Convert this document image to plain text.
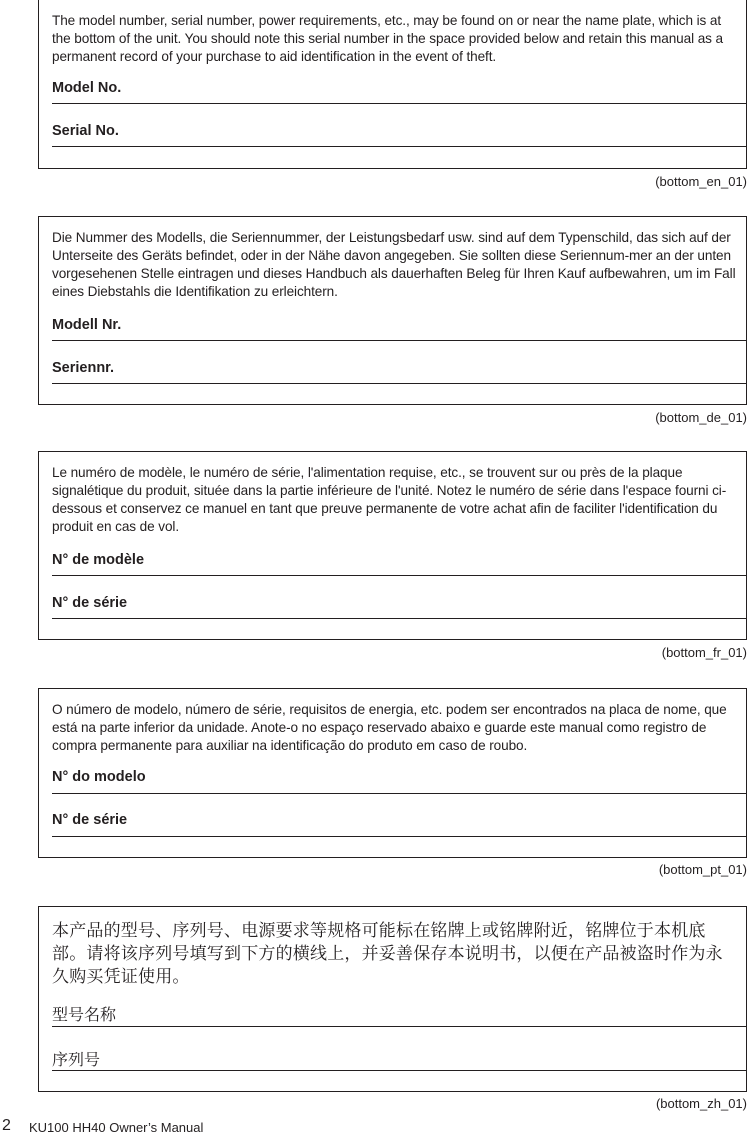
The model number, serial number, power requirements, etc., may be found on or near the name plate, which is at the bottom of the unit. You should note this serial number in the space provided below and retain this manual as a permanent record of your purchase to aid identification in the event of theft.

Model No.
Serial No.
(bottom_en_01)

Die Nummer des Modells, die Seriennummer, der Leistungsbedarf usw. sind auf dem Typenschild, das sich auf der Unterseite des Geräts befindet, oder in der Nähe davon angegeben. Sie sollten diese Seriennum-mer an der unten vorgesehenen Stelle eintragen und dieses Handbuch als dauerhaften Beleg für Ihren Kauf aufbewahren, um im Fall eines Diebstahls die Identifikation zu erleichtern.

Modell Nr.
Seriennr.
(bottom_de_01)

Le numéro de modèle, le numéro de série, l'alimentation requise, etc., se trouvent sur ou près de la plaque signalétique du produit, située dans la partie inférieure de l'unité. Notez le numéro de série dans l'espace fourni ci-dessous et conservez ce manuel en tant que preuve permanente de votre achat afin de faciliter l'identification du produit en cas de vol.

N° de modèle
N° de série
(bottom_fr_01)

O número de modelo, número de série, requisitos de energia, etc. podem ser encontrados na placa de nome, que está na parte inferior da unidade. Anote-o no espaço reservado abaixo e guarde este manual como registro de compra permanente para auxiliar na identificação do produto em caso de roubo.

N° do modelo
N° de série
(bottom_pt_01)

本产品的型号、序列号、电源要求等规格可能标在铭牌上或铭牌附近，铭牌位于本机底部。请将该序列号填写到下方的横线上，并妥善保存本说明书，以便在产品被盗时作为永久购买凭证使用。

型号名称
序列号
(bottom_zh_01)
2 KU100 HH40 Owner’s Manual
